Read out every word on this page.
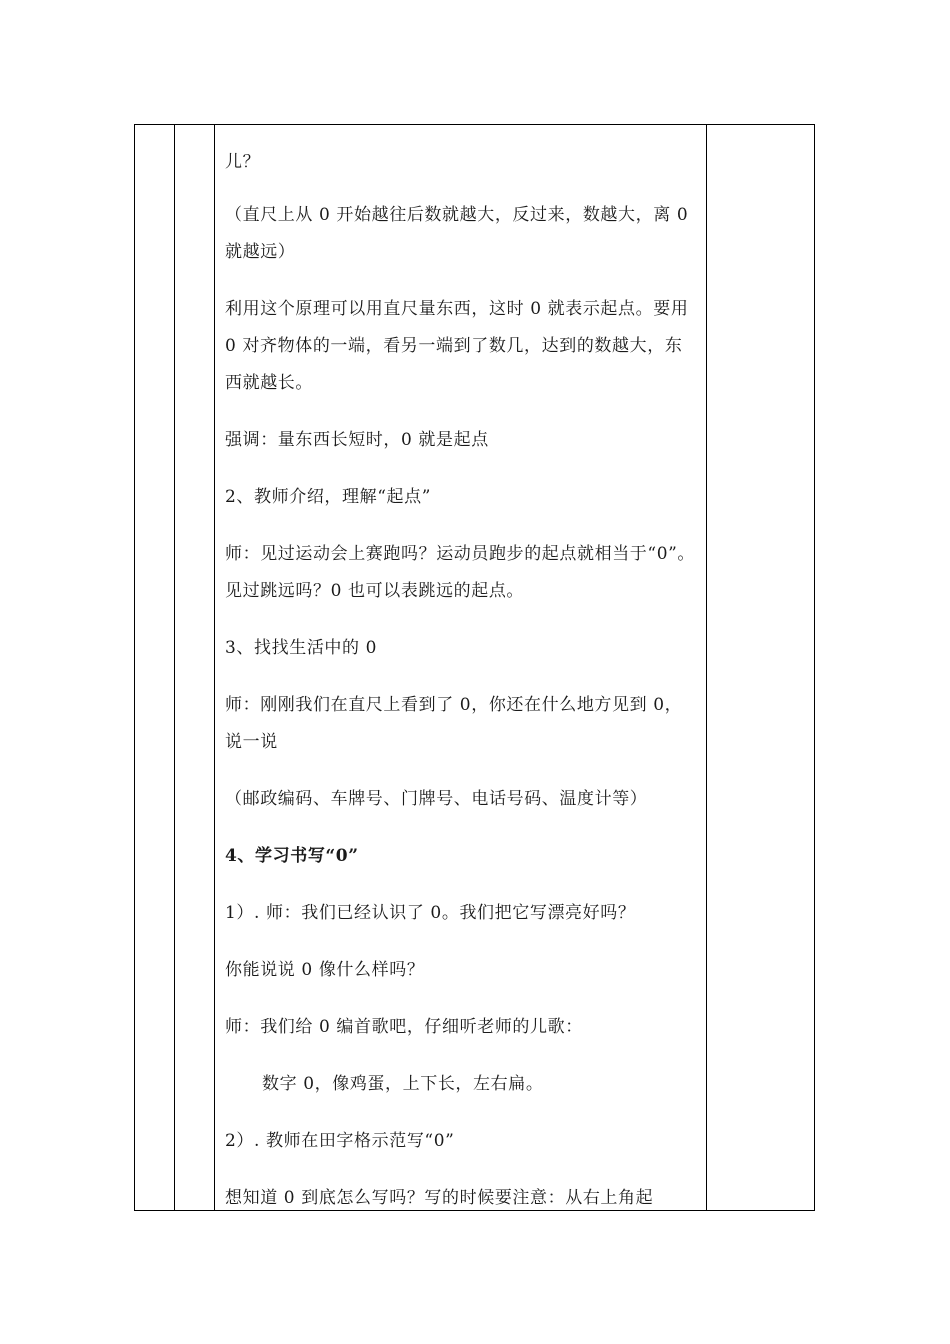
儿？

（直尺上从 0 开始越往后数就越大，反过来，数越大，离 0 就越远）

利用这个原理可以用直尺量东西，这时 0 就表示起点。要用 0 对齐物体的一端，看另一端到了数几，达到的数越大，东西就越长。

强调：量东西长短时，0 就是起点

2、教师介绍，理解“起点”

师：见过运动会上赛跑吗？运动员跑步的起点就相当于“0”。见过跳远吗？0 也可以表跳远的起点。

3、找找生活中的 0

师：刚刚我们在直尺上看到了 0，你还在什么地方见到 0，说一说

（邮政编码、车牌号、门牌号、电话号码、温度计等）

4、学习书写“0”

1）. 师：我们已经认识了 0。我们把它写漂亮好吗？

你能说说 0 像什么样吗？

师：我们给 0 编首歌吧，仔细听老师的儿歌：

数字 0，像鸡蛋，上下长，左右扁。

2）. 教师在田字格示范写“0”

想知道 0 到底怎么写吗？写的时候要注意：从右上角起
